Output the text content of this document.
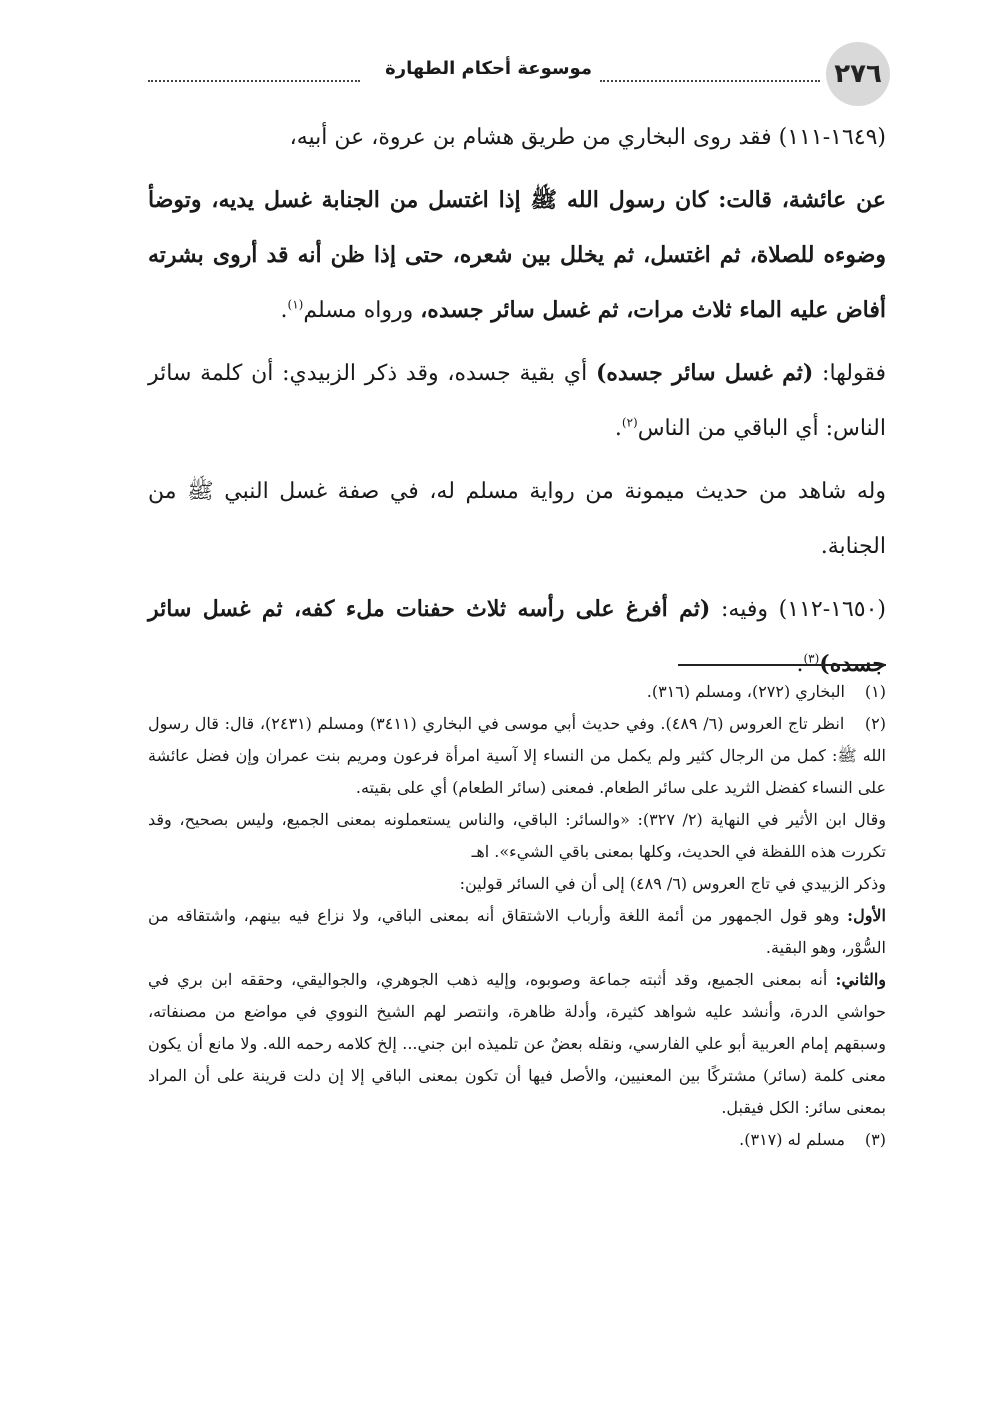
٢٧٦
موسوعة أحكام الطهارة

(١٦٤٩-١١١) فقد روى البخاري من طريق هشام بن عروة، عن أبيه،

عن عائشة، قالت: كان رسول الله ﷺ إذا اغتسل من الجنابة غسل يديه، وتوضأ وضوءه للصلاة، ثم اغتسل، ثم يخلل بين شعره، حتى إذا ظن أنه قد أروى بشرته أفاض عليه الماء ثلاث مرات، ثم غسل سائر جسده، ورواه مسلم$^{(١)}$.

فقولها: (ثم غسل سائر جسده) أي بقية جسده، وقد ذكر الزبيدي: أن كلمة سائر الناس: أي الباقي من الناس$^{(٢)}$.

وله شاهد من حديث ميمونة من رواية مسلم له، في صفة غسل النبي ﷺ من الجنابة.

(١٦٥٠-١١٢) وفيه: (ثم أفرغ على رأسه ثلاث حفنات ملء كفه، ثم غسل سائر جسده)$^{(٣)}$.

(١) البخاري (٢٧٢)، ومسلم (٣١٦).

(٢) انظر تاج العروس (٦/ ٤٨٩). وفي حديث أبي موسى في البخاري (٣٤١١) ومسلم (٢٤٣١)، قال: قال رسول الله ﷺ: كمل من الرجال كثير ولم يكمل من النساء إلا آسية امرأة فرعون ومريم بنت عمران وإن فضل عائشة على النساء كفضل الثريد على سائر الطعام. فمعنى (سائر الطعام) أي على بقيته.

وقال ابن الأثير في النهاية (٢/ ٣٢٧): «والسائر: الباقي، والناس يستعملونه بمعنى الجميع، وليس بصحيح، وقد تكررت هذه اللفظة في الحديث، وكلها بمعنى باقي الشيء». اهـ

وذكر الزبيدي في تاج العروس (٦/ ٤٨٩) إلى أن في السائر قولين:

الأول: وهو قول الجمهور من أئمة اللغة وأرباب الاشتقاق أنه بمعنى الباقي، ولا نزاع فيه بينهم، واشتقاقه من السُّوْر، وهو البقية.

والثاني: أنه بمعنى الجميع، وقد أثبته جماعة وصوبوه، وإليه ذهب الجوهري، والجواليقي، وحققه ابن بري في حواشي الدرة، وأنشد عليه شواهد كثيرة، وأدلة ظاهرة، وانتصر لهم الشيخ النووي في مواضع من مصنفاته، وسبقهم إمام العربية أبو علي الفارسي، ونقله بعضٌ عن تلميذه ابن جني... إلخ كلامه رحمه الله. ولا مانع أن يكون معنى كلمة (سائر) مشتركًا بين المعنيين، والأصل فيها أن تكون بمعنى الباقي إلا إن دلت قرينة على أن المراد بمعنى سائر: الكل فيقبل.

(٣) مسلم له (٣١٧).
